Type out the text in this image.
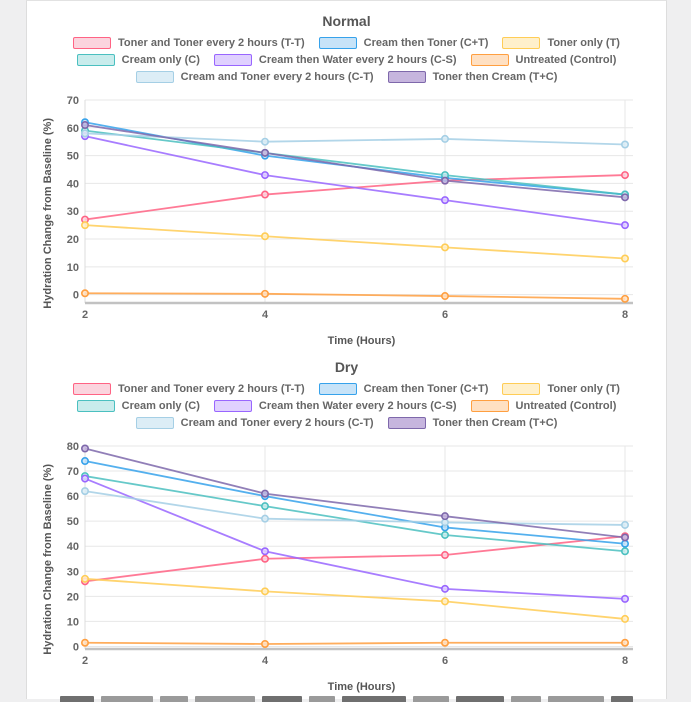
Normal
Toner and Toner every 2 hours (T-T)	Cream then Toner (C+T)	Toner only (T)
Cream only (C)	Cream then Water every 2 hours (C-S)	Untreated (Control)
Cream and Toner every 2 hours (C-T)	Toner then Cream (T+C)
Hydration Change from Baseline (%) 0
10
20
30
40
50
60
70
2	4	6	8
Time (Hours)
Dry
Toner and Toner every 2 hours (T-T)	Cream then Toner (C+T)	Toner only (T)
Cream only (C)	Cream then Water every 2 hours (C-S)	Untreated (Control)
Cream and Toner every 2 hours (C-T)	Toner then Cream (T+C)
Hydration Change from Baseline (%) 0
10
20
30
40
50
60
70
80
2	4	6	8
Time (Hours)
